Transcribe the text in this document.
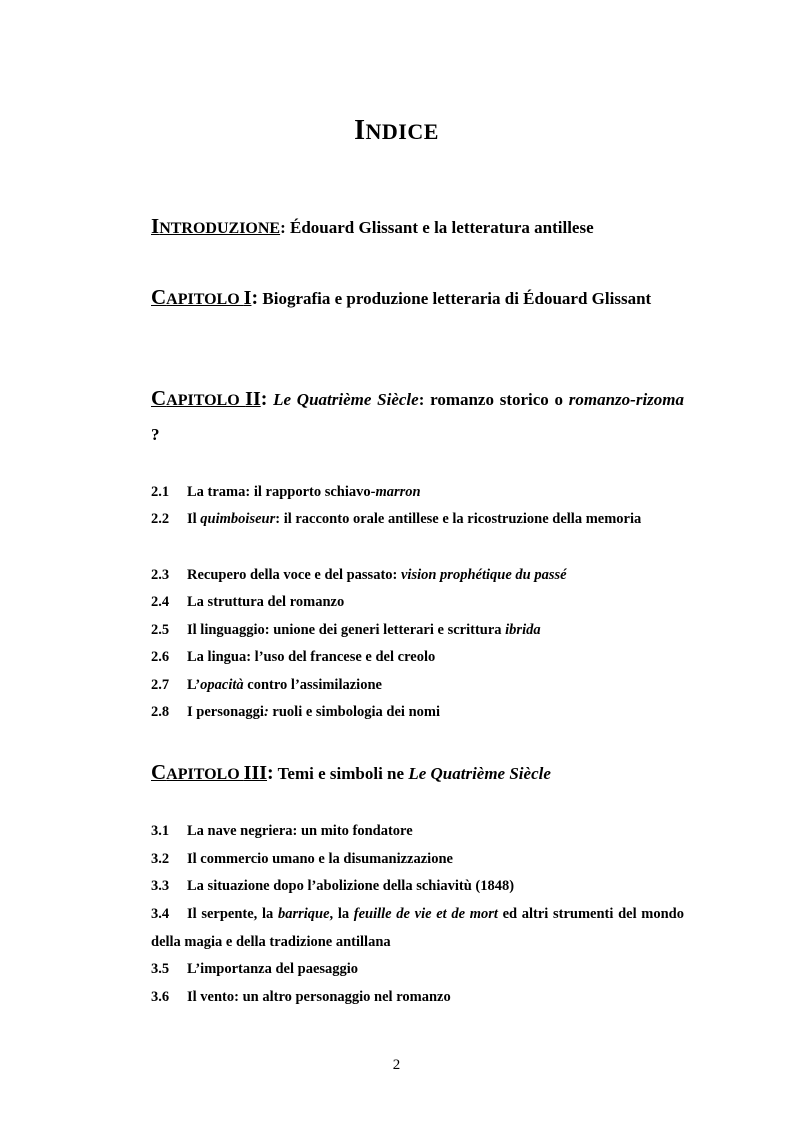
INDICE
INTRODUZIONE: Édouard Glissant e la letteratura antillese
CAPITOLO I: Biografia e produzione letteraria di Édouard Glissant
CAPITOLO II: Le Quatrième Siècle: romanzo storico o romanzo-rizoma ?
2.1 La trama: il rapporto schiavo-marron
2.2 Il quimboiseur: il racconto orale antillese e la ricostruzione della memoria
2.3 Recupero della voce e del passato: vision prophétique du passé
2.4 La struttura del romanzo
2.5 Il linguaggio: unione dei generi letterari e scrittura ibrida
2.6 La lingua: l’uso del francese e del creolo
2.7 L’opacità contro l’assimilazione
2.8 I personaggi: ruoli e simbologia dei nomi
CAPITOLO III: Temi e simboli ne Le Quatrième Siècle
3.1 La nave negriera: un mito fondatore
3.2 Il commercio umano e la disumanizzazione
3.3 La situazione dopo l’abolizione della schiavitù (1848)
3.4 Il serpente, la barrique, la feuille de vie et de mort ed altri strumenti del mondo della magia e della tradizione antillana
3.5 L’importanza del paesaggio
3.6 Il vento: un altro personaggio nel romanzo
2
